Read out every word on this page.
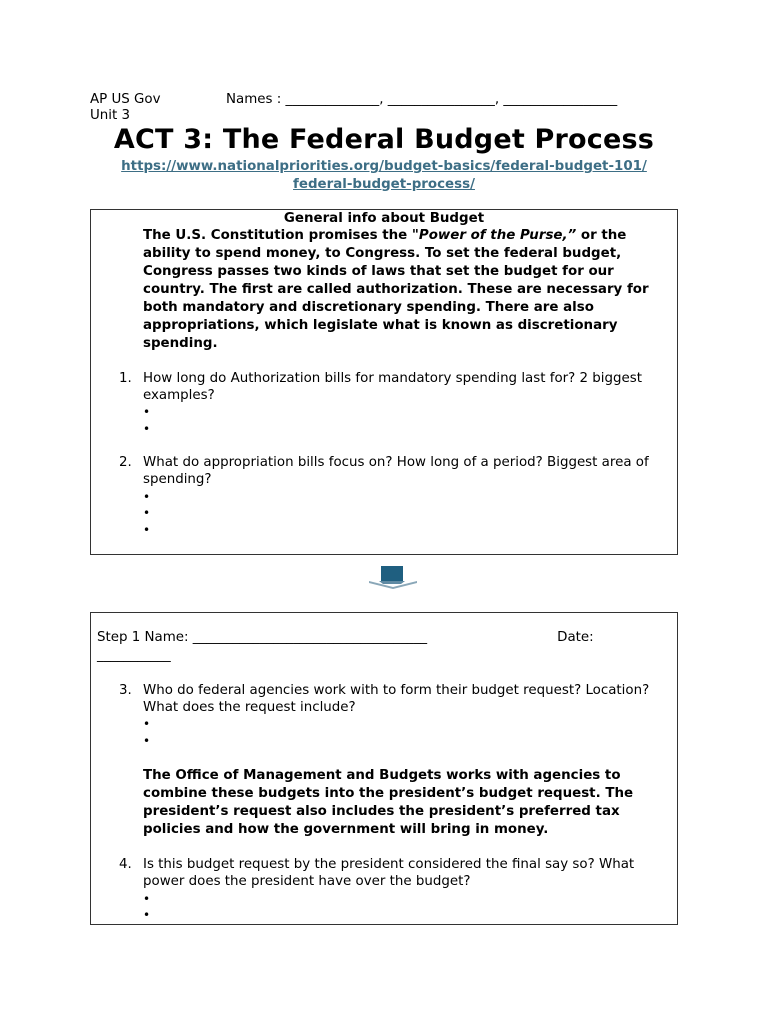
AP US Gov	Names : ______________, ________________, _________________
Unit 3
ACT 3: The Federal Budget Process
https://www.nationalpriorities.org/budget-basics/federal-budget-101/
federal-budget-process/
General info about Budget
The U.S. Constitution promises the "Power of the Purse,” or the ability to spend money, to Congress. To set the federal budget, Congress passes two kinds of laws that set the budget for our country. The first are called authorization. These are necessary for both mandatory and discretionary spending. There are also appropriations, which legislate what is known as discretionary spending.
1. How long do Authorization bills for mandatory spending last for? 2 biggest examples?
•
•
2. What do appropriation bills focus on? How long of a period? Biggest area of spending?
•
•
•
Step 1 Name: ___________________________________	Date:
___________
3. Who do federal agencies work with to form their budget request? Location? What does the request include?
•
•
The Office of Management and Budgets works with agencies to combine these budgets into the president’s budget request. The president’s request also includes the president’s preferred tax policies and how the government will bring in money.
4. Is this budget request by the president considered the final say so? What power does the president have over the budget?
•
•
